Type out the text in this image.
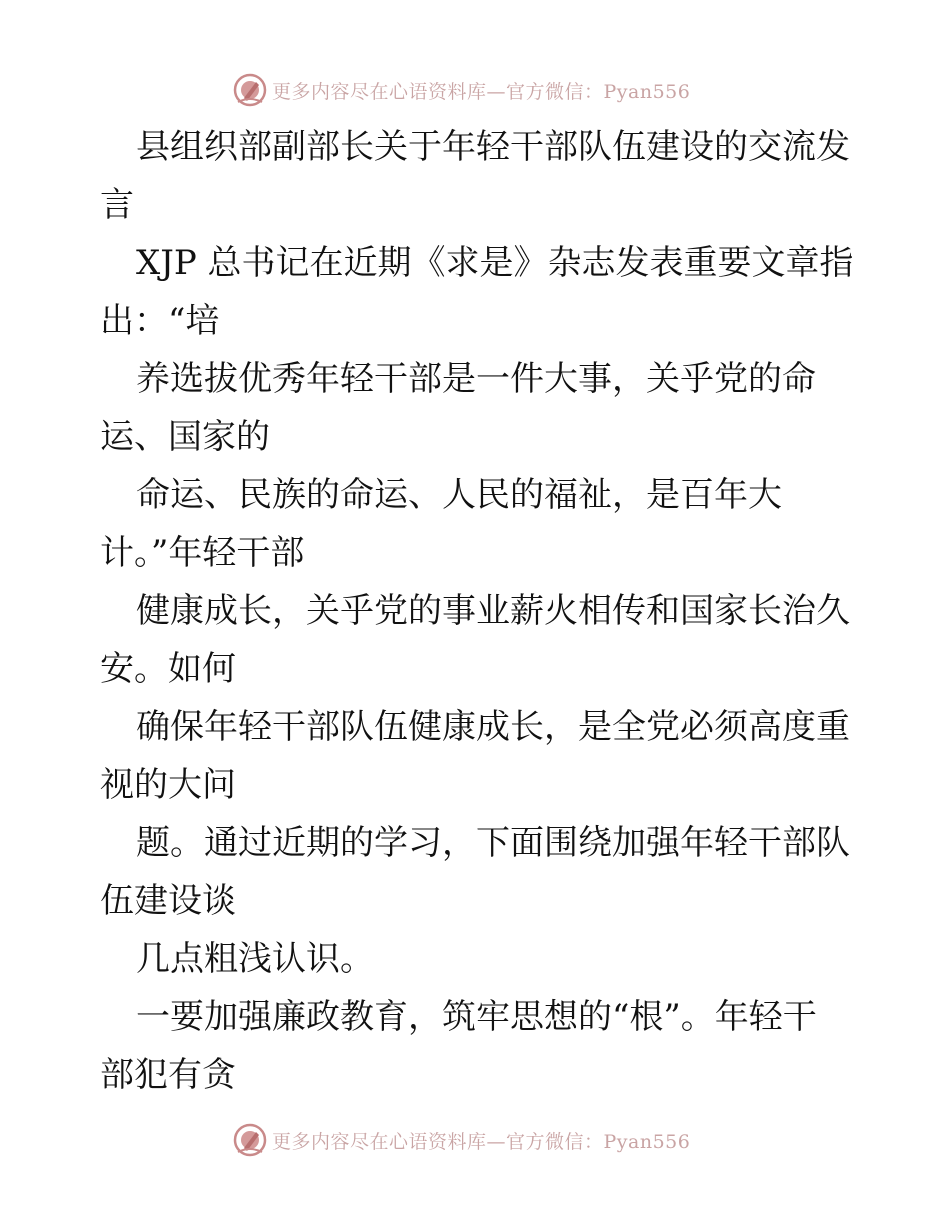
更多内容尽在心语资料库—官方微信：Pyan556
县组织部副部长关于年轻干部队伍建设的交流发
言
XJP 总书记在近期《求是》杂志发表重要文章指
出：“培
养选拔优秀年轻干部是一件大事，关乎党的命
运、国家的
命运、民族的命运、人民的福祉，是百年大
计。”年轻干部
健康成长，关乎党的事业薪火相传和国家长治久
安。如何
确保年轻干部队伍健康成长，是全党必须高度重
视的大问
题。通过近期的学习，下面围绕加强年轻干部队
伍建设谈
几点粗浅认识。
一要加强廉政教育，筑牢思想的“根”。年轻干
部犯有贪
更多内容尽在心语资料库—官方微信：Pyan556
